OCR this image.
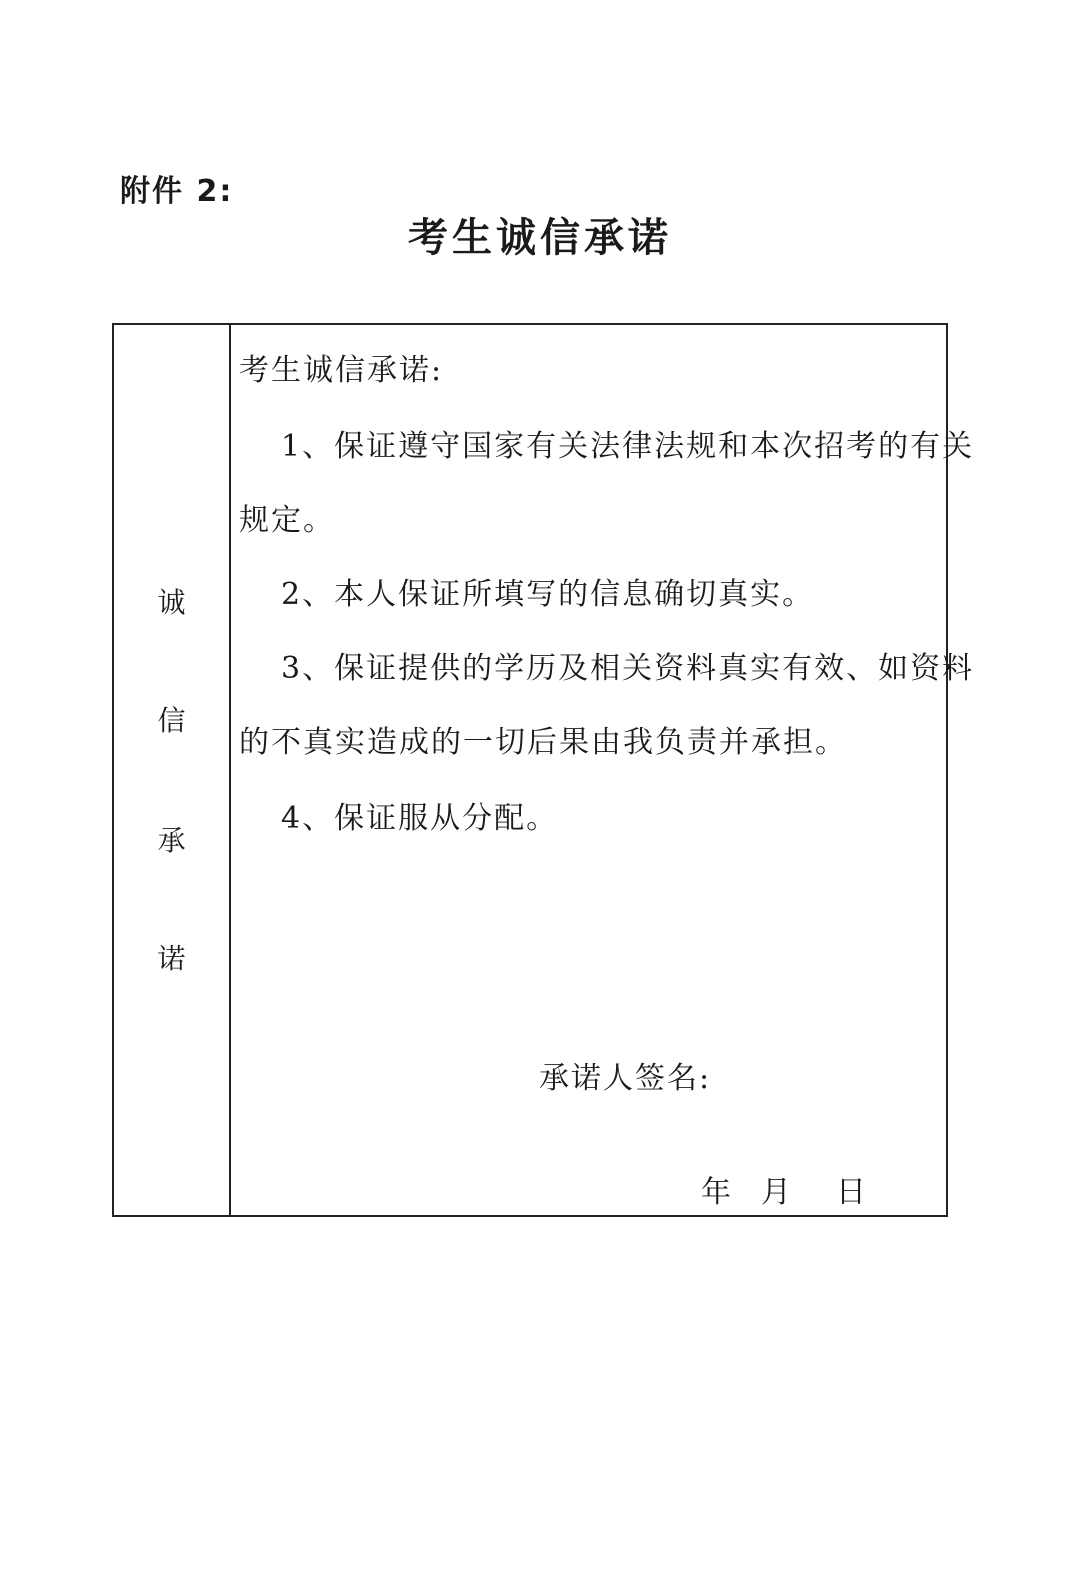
附件 2:
考生诚信承诺
诚
信
承
诺
考生诚信承诺:
1、保证遵守国家有关法律法规和本次招考的有关
规定。
2、本人保证所填写的信息确切真实。
3、保证提供的学历及相关资料真实有效、如资料
的不真实造成的一切后果由我负责并承担。
4、保证服从分配。
承诺人签名:
年 月 日
